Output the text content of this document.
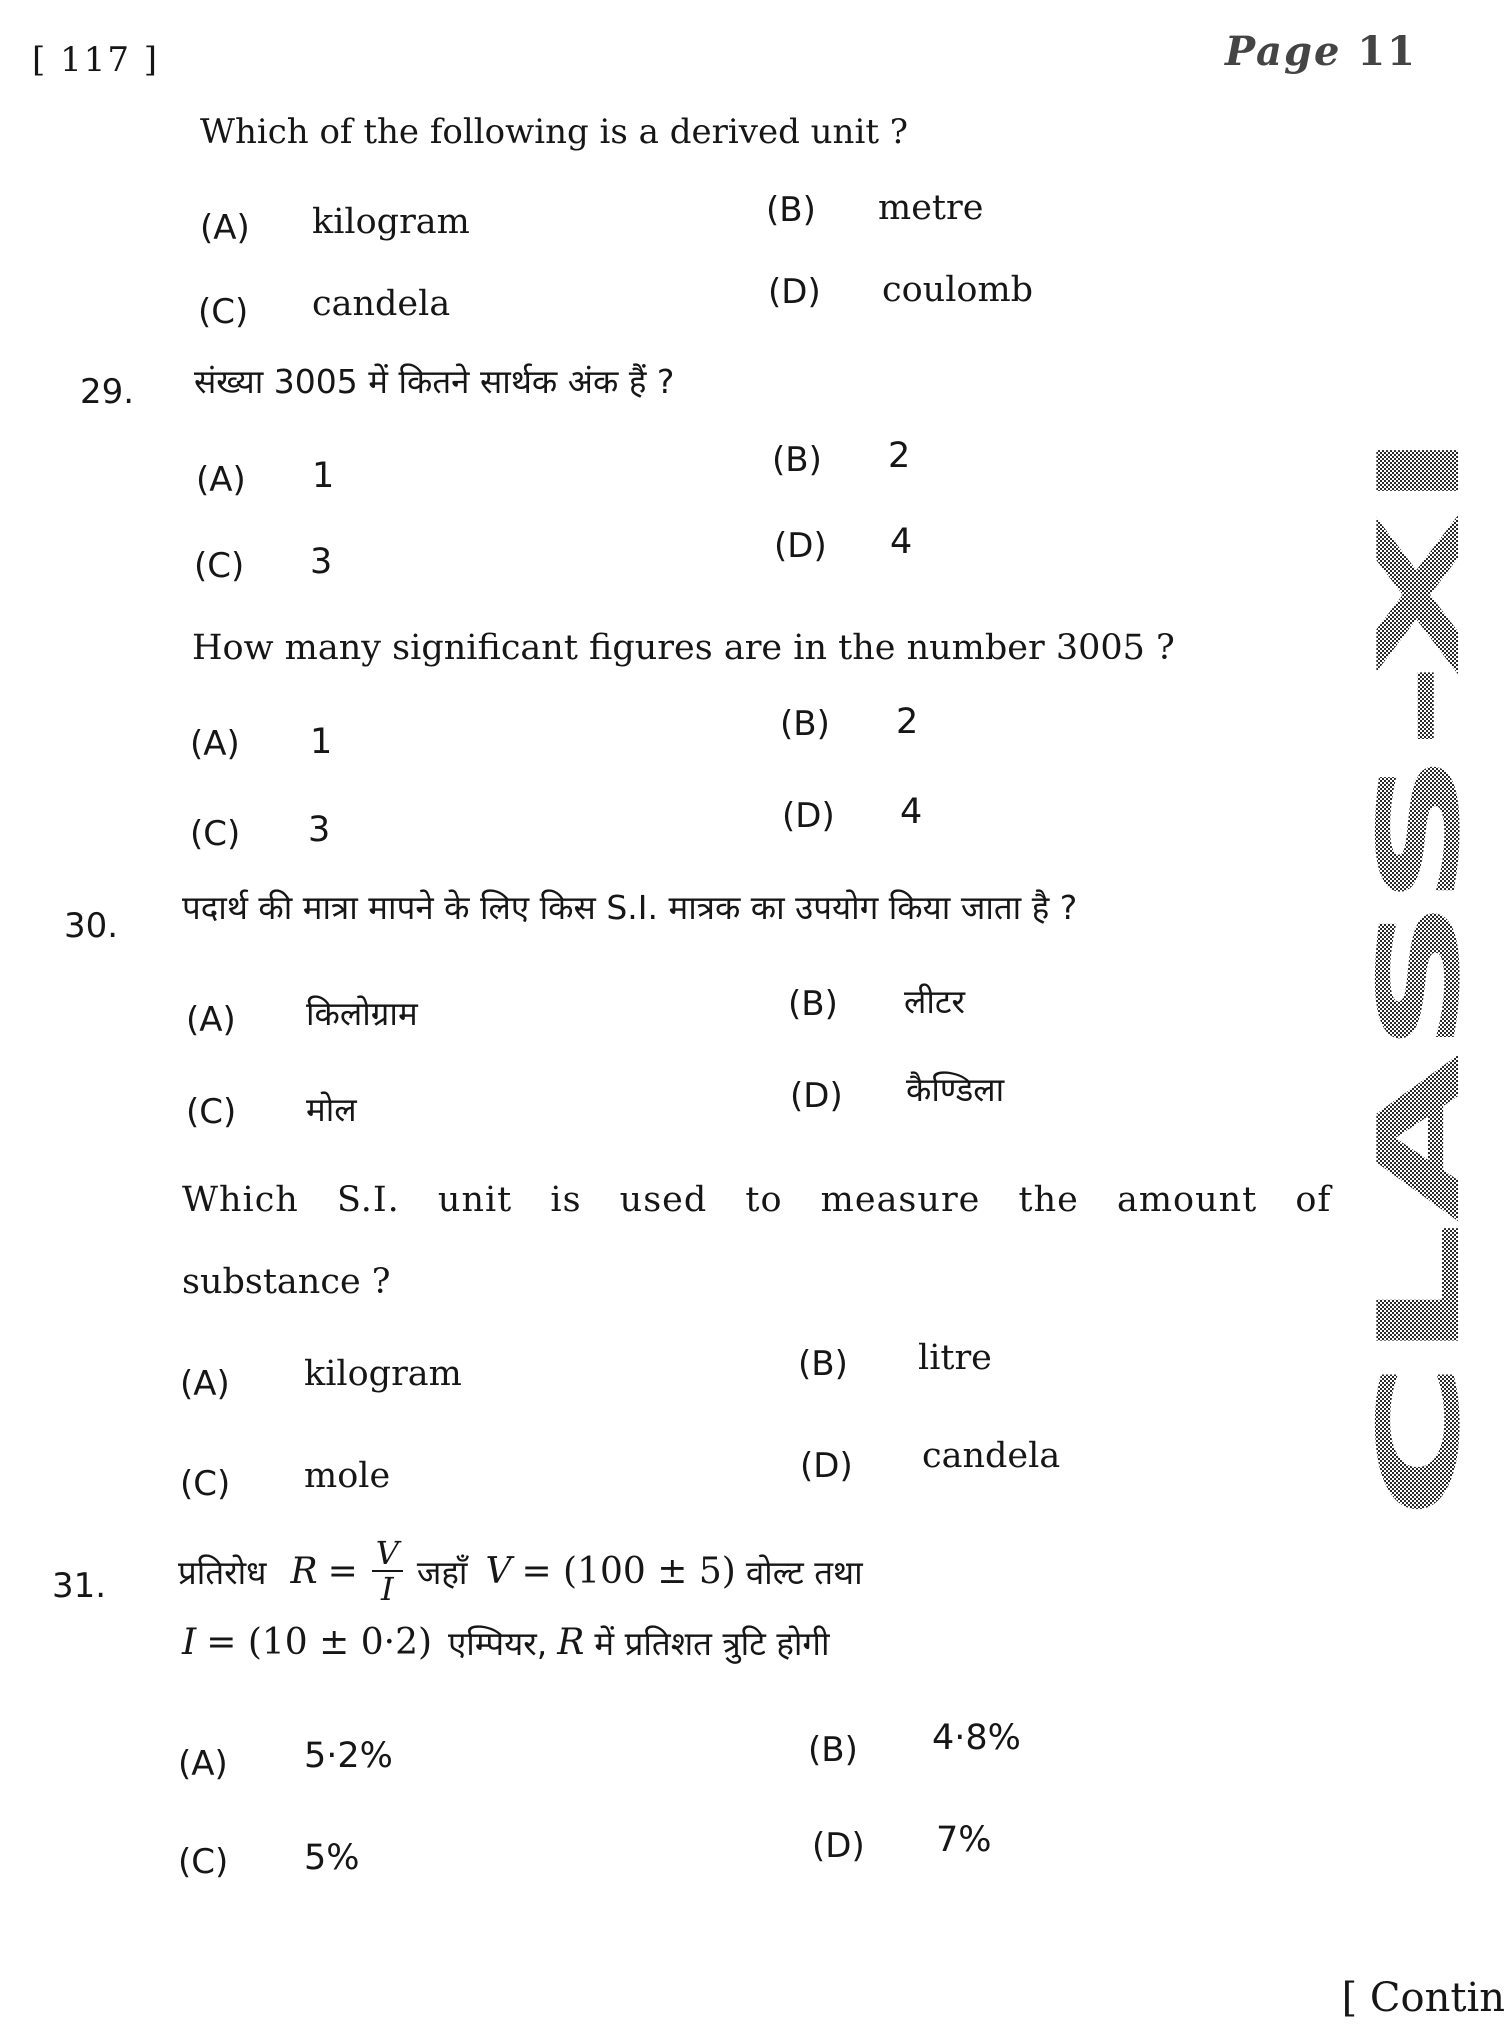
[ 117 ]	Page 11
Which of the following is a derived unit ?
(A) kilogram	(B) metre
(C) candela	(D) coulomb
29. संख्या 3005 में कितने सार्थक अंक हैं ?
(A) 1	(B) 2
(C) 3	(D) 4
How many significant figures are in the number 3005 ?
(A) 1	(B) 2
(C) 3	(D) 4
30. पदार्थ की मात्रा मापने के लिए किस S.I. मात्रक का उपयोग किया जाता है ?
(A) किलोग्राम	(B) लीटर
(C) मोल	(D) कैण्डिला
Which S.I. unit is used to measure the amount of
substance ?
(A) kilogram	(B) litre
(C) mole	(D) candela
31. प्रतिरोध $R = \frac{V}{I}$ जहाँ V = (100 ± 5) वोल्ट तथा
I = (10 ± 0·2) एम्पियर, R में प्रतिशत त्रुटि होगी
(A) 5·2%	(B) 4·8%
(C) 5%	(D) 7%
CLASS-XI
[ Contin
